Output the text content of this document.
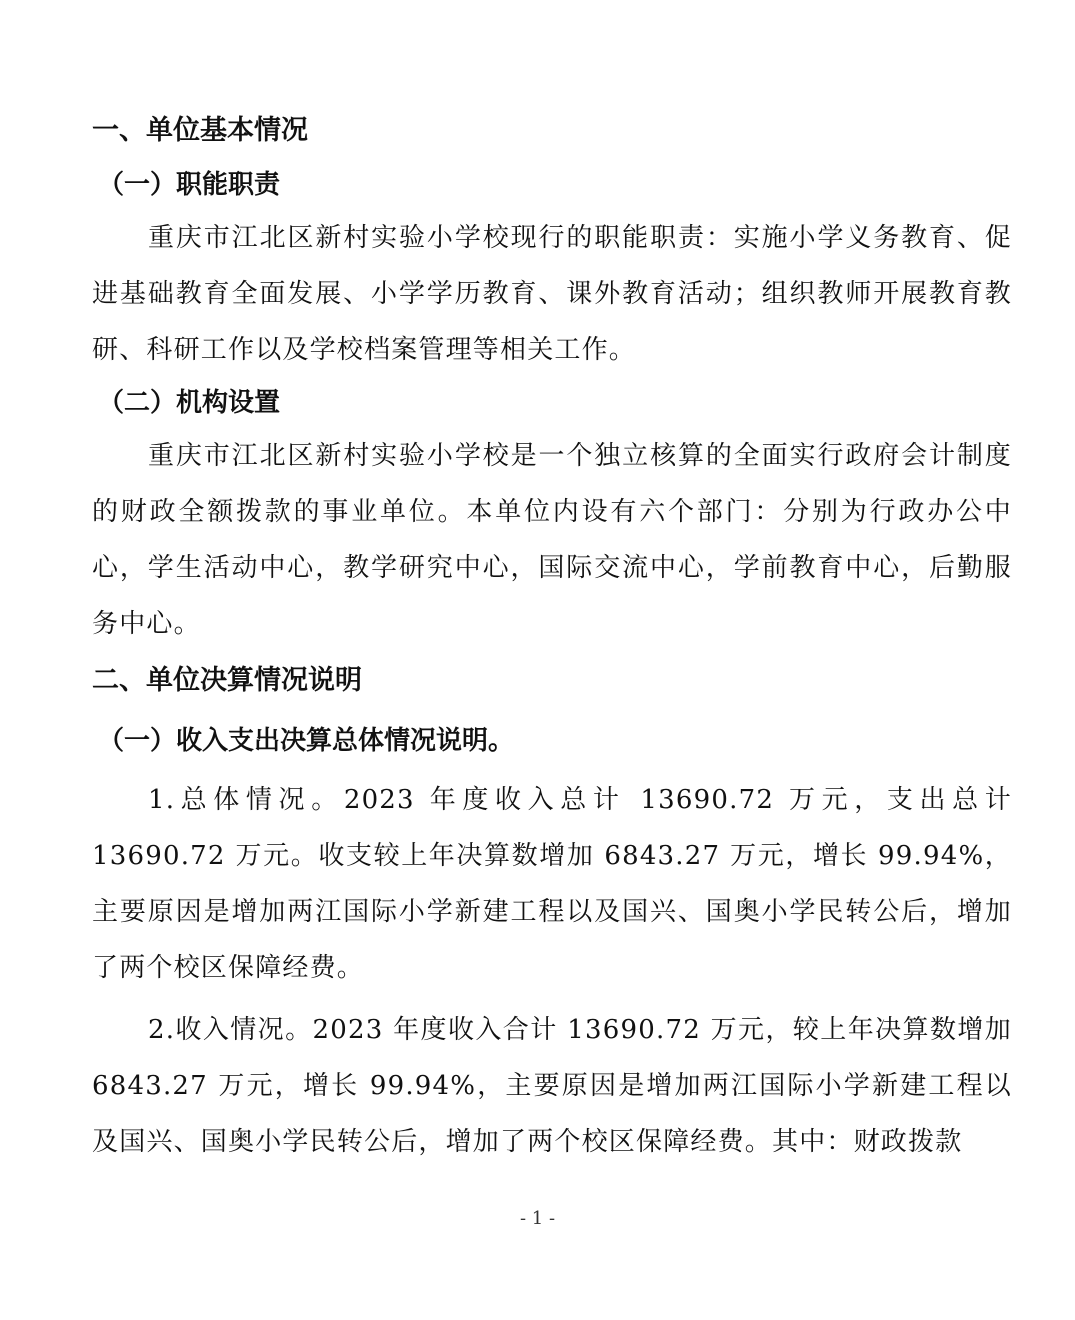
一、单位基本情况
（一）职能职责

重庆市江北区新村实验小学校现行的职能职责：实施小学义务教育、促进基础教育全面发展、小学学历教育、课外教育活动；组织教师开展教育教研、科研工作以及学校档案管理等相关工作。

（二）机构设置

重庆市江北区新村实验小学校是一个独立核算的全面实行政府会计制度的财政全额拨款的事业单位。本单位内设有六个部门：分别为行政办公中心，学生活动中心，教学研究中心，国际交流中心，学前教育中心，后勤服务中心。

二、单位决算情况说明
（一）收入支出决算总体情况说明。

1.总体情况。2023 年度收入总计 13690.72 万元，支出总计 13690.72 万元。收支较上年决算数增加 6843.27 万元，增长 99.94%，主要原因是增加两江国际小学新建工程以及国兴、国奥小学民转公后，增加了两个校区保障经费。

2.收入情况。2023 年度收入合计 13690.72 万元，较上年决算数增加 6843.27 万元，增长 99.94%，主要原因是增加两江国际小学新建工程以及国兴、国奥小学民转公后，增加了两个校区保障经费。其中：财政拨款

- 1 -
